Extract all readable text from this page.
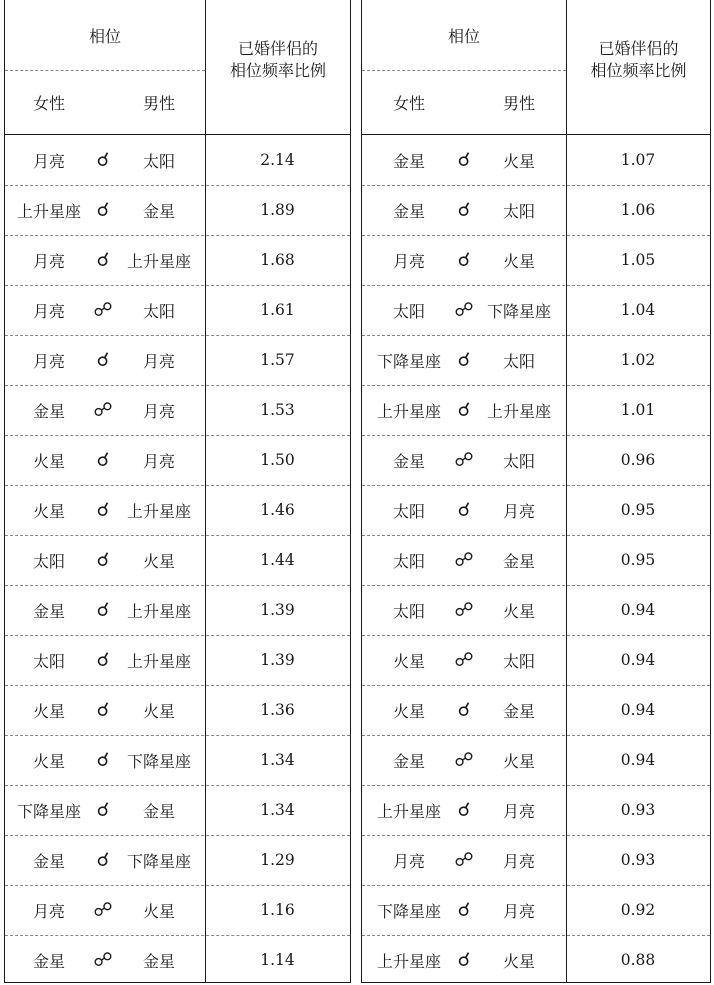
相位
女性	男性
已婚伴侣的
相位频率比例
月亮	☌	太阳	2.14
上升星座 ☌	金星	1.89
月亮	☌	上升星座	1.68
月亮	☍	太阳	1.61
月亮	☌	月亮	1.57
金星	☍	月亮	1.53
火星	☌	月亮	1.50
火星	☌	上升星座	1.46
太阳	☌	火星	1.44
金星	☌	上升星座	1.39
太阳	☌	上升星座	1.39
火星	☌	火星	1.36
火星	☌	下降星座	1.34
下降星座 ☌	金星	1.34
金星	☌	下降星座	1.29
月亮	☍	火星	1.16
金星	☍	金星	1.14
相位
女性	男性
已婚伴侣的
相位频率比例
金星	☌	火星	1.07
金星	☌	太阳	1.06
月亮	☌	火星	1.05
太阳	☍ 下降星座	1.04
下降星座 ☌	太阳	1.02
上升星座 ☌	上升星座	1.01
金星	☍	太阳	0.96
太阳	☌	月亮	0.95
太阳	☍	金星	0.95
太阳	☍	火星	0.94
火星	☍	太阳	0.94
火星	☌	金星	0.94
金星	☍	火星	0.94
上升星座 ☌	月亮	0.93
月亮	☍	月亮	0.93
下降星座 ☌	月亮	0.92
上升星座 ☌	火星	0.88
